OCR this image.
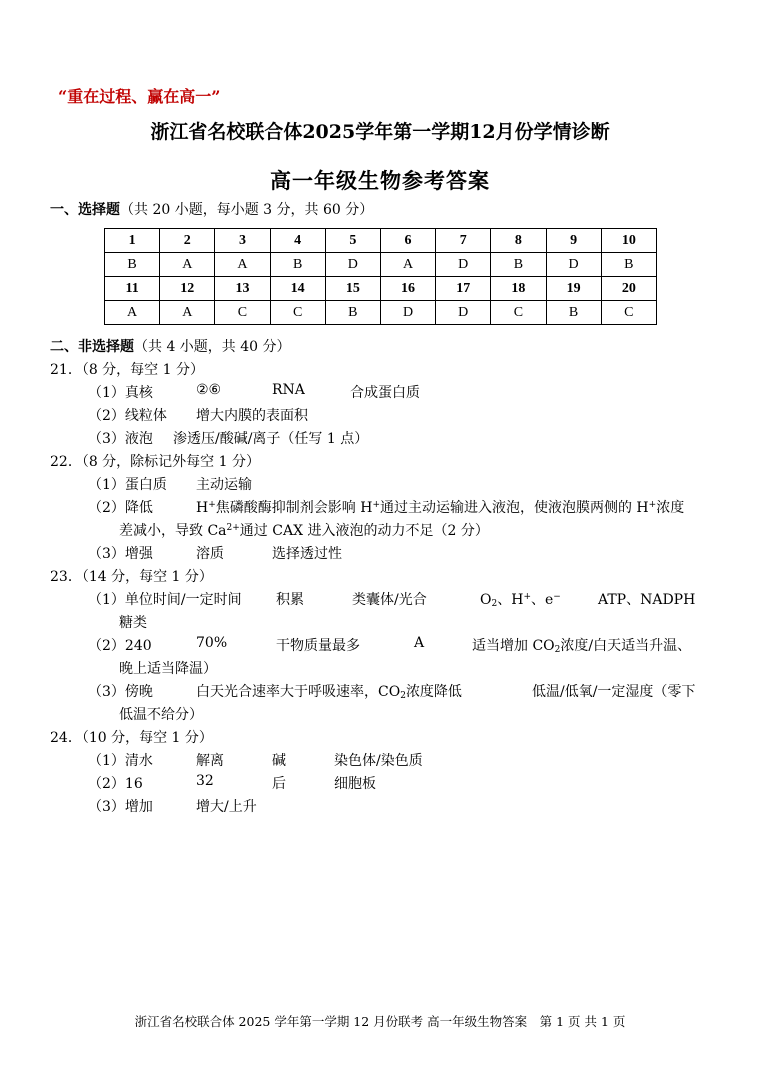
“重在过程、赢在高一”
浙江省名校联合体2025学年第一学期12月份学情诊断
高一年级生物参考答案
一、选择题（共 20 小题，每小题 3 分，共 60 分）
1	2	3	4	5	6	7	8	9	10
B	A	A	B	D	A	D	B	D	B
11	12	13	14	15	16	17	18	19	20
A	A	C	C	B	D	D	C	B	C
二、非选择题（共 4 小题，共 40 分）
21．（8 分，每空 1 分）
（1）真核	②⑥	RNA	合成蛋白质
（2）线粒体 增大内膜的表面积
（3）液泡 渗透压/酸碱/离子（任写 1 点）
22．（8 分，除标记外每空 1 分）
（1）蛋白质 主动运输
（2）降低	H+焦磷酸酶抑制剂会影响 H+通过主动运输进入液泡，使液泡膜两侧的 H+浓度
差减小，导致 $Ca^{2+}$通过 CAX 进入液泡的动力不足（2 分）
（3）增强	溶质	选择透过性
23．（14 分，每空 1 分）
（1）单位时间/一定时间 积累	类囊体/光合	$O_2$、H+、e−	ATP、NADPH
糖类
（2）240	70%	干物质量最多	A	适当增加 $CO_2$浓度/白天适当升温、
晚上适当降温）
（3）傍晚	白天光合速率大于呼吸速率，$CO_2$浓度降低	低温/低氧/一定湿度（零下
低温不给分）
24．（10 分，每空 1 分）
（1）清水	解离	碱	染色体/染色质
（2）16	32	后	细胞板
（3）增加	增大/上升
浙江省名校联合体 2025 学年第一学期 12 月份联考 高一年级生物答案　第 1 页 共 1 页
